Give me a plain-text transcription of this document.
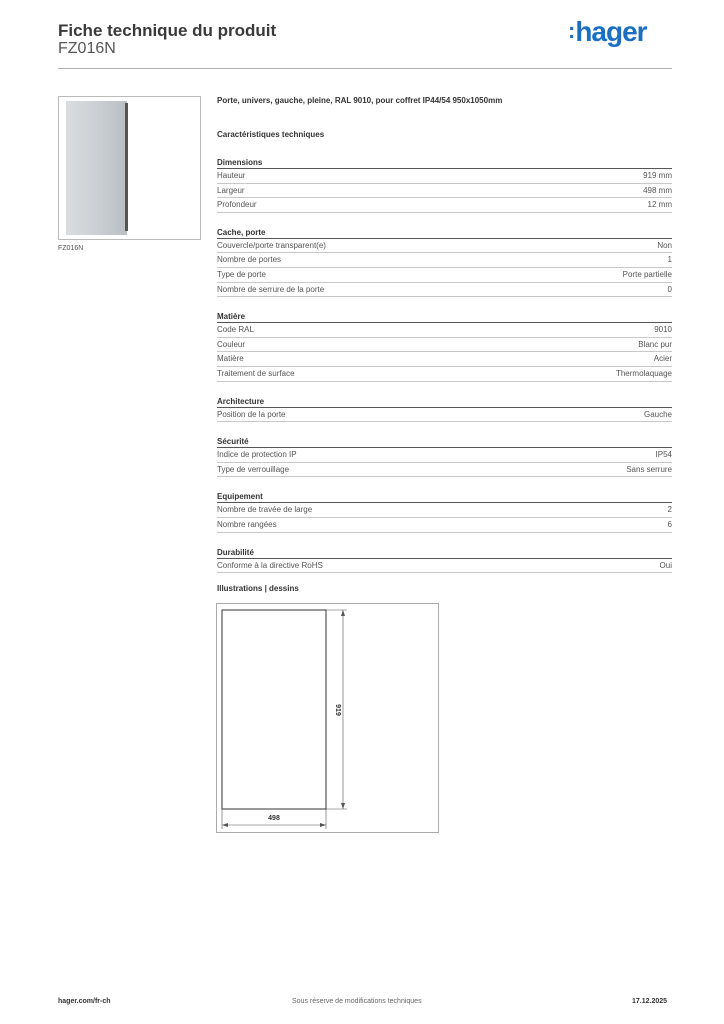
Fiche technique du produit
FZ016N
:hager
FZ016N
Porte, univers, gauche, pleine, RAL 9010, pour coffret IP44/54 950x1050mm
Caractéristiques techniques
Dimensions
Hauteur	919 mm
Largeur	498 mm
Profondeur	12 mm
Cache, porte
Couvercle/porte transparent(e)	Non
Nombre de portes	1
Type de porte	Porte partielle
Nombre de serrure de la porte	0
Matière
Code RAL	9010
Couleur	Blanc pur
Matière	Acier
Traitement de surface	Thermolaquage
Architecture
Position de la porte	Gauche
Sécurité
Indice de protection IP	IP54
Type de verrouillage	Sans serrure
Equipement
Nombre de travée de large	2
Nombre rangées	6
Durabilité
Conforme à la directive RoHS	Oui
Illustrations | dessins
919
498
hager.com/fr-ch	Sous réserve de modifications techniques	17.12.2025
